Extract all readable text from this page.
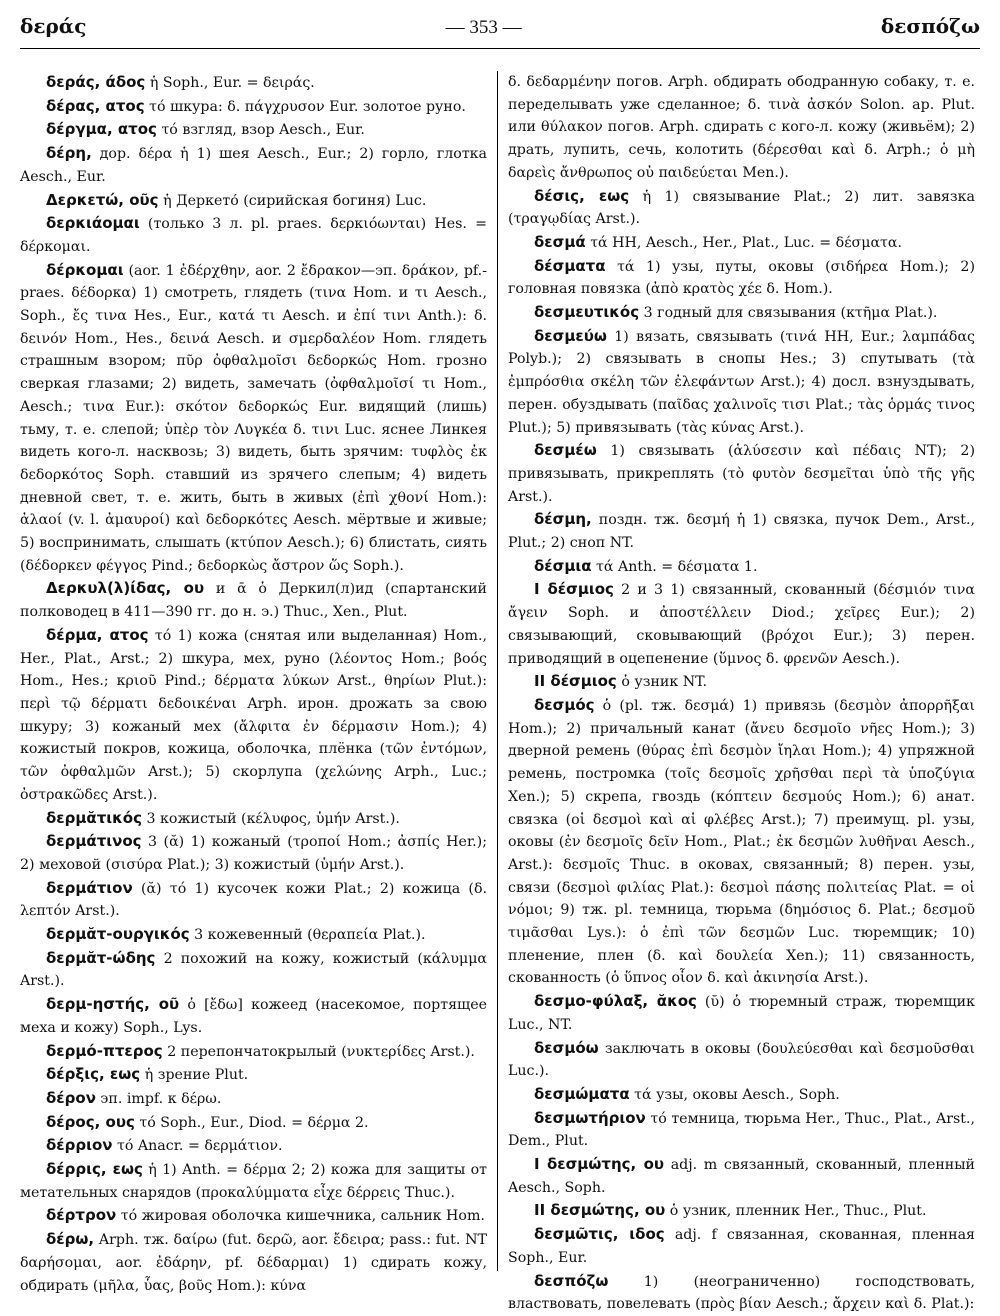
δεράς	— 353 —	δεσπόζω

δεράς, άδος ἡ Soph., Eur. = δειράς.

δέρας, ατος τό шкура: δ. πάγχρυσον Eur. золотое руно.

δέργμα, ατος τό взгляд, взор Aesch., Eur.

δέρη, дор. δέρα ἡ 1) шея Aesch., Eur.; 2) горло, глотка Aesch., Eur.

Δερκετώ, οῦς ἡ Деркето́ (сирийская богиня) Luc.

δερκιάομαι (только 3 л. pl. praes. δερκιόωνται) Hes. = δέρκομαι.

δέρκομαι (aor. 1 ἐδέρχθην, aor. 2 ἔδρακον—эп. δράκον, pf.-praes. δέδορκα) 1) смотреть, глядеть (τινα Hom. и τι Aesch., Soph., ἔς τινα Hes., Eur., κατά τι Aesch. и ἐπί τινι Anth.): δ. δεινόν Hom., Hes., δεινά Aesch. и σμερδαλέον Hom. глядеть страшным взором; πῦρ ὀφθαλμοῖσι δεδορκώς Hom. грозно сверкая глазами; 2) видеть, замечать (ὀφθαλμοῖσί τι Hom., Aesch.; τινα Eur.): σκότον δεδορκώς Eur. видящий (лишь) тьму, т. е. слепой; ὑπὲρ τὸν Λυγκέα δ. τινι Luc. яснее Линкея видеть кого-л. насквозь; 3) видеть, быть зрячим: τυφλὸς ἐκ δεδορκότος Soph. ставший из зрячего слепым; 4) видеть дневной свет, т. е. жить, быть в живых (ἐπὶ χθονί Hom.): ἀλαοί (v. l. ἀμαυροί) καὶ δεδορκότες Aesch. мёртвые и живые; 5) воспринимать, слышать (κτύπον Aesch.); 6) блистать, сиять (δέδορκεν φέγγος Pind.; δεδορκὼς ἄστρον ὥς Soph.).

Δερκυλ(λ)ίδας, ου и ᾱ ὁ Деркил(л)ид (спартанский полководец в 411—390 гг. до н. э.) Thuc., Xen., Plut.

δέρμα, ατος τό 1) кожа (снятая или выделанная) Hom., Her., Plat., Arst.; 2) шкура, мех, руно (λέοντος Hom.; βοός Hom., Hes.; κριοῦ Pind.; δέρματα λύκων Arst., θηρίων Plut.): περὶ τῷ δέρματι δεδοικέναι Arph. ирон. дрожать за свою шкуру; 3) кожаный мех (ἄλφιτα ἐν δέρμασιν Hom.); 4) кожистый покров, кожица, оболочка, плёнка (τῶν ἐντόμων, τῶν ὀφθαλμῶν Arst.); 5) скорлупа (χελώνης Arph., Luc.; ὀστρακῶδες Arst.).

δερμᾰτικός 3 кожистый (κέλυφος, ὑμήν Arst.).

δερμάτινος 3 (ᾰ) 1) кожаный (τροποί Hom.; ἀσπίς Her.); 2) меховой (σισύρα Plat.); 3) кожистый (ὑμήν Arst.).

δερμάτιον (ᾰ) τό 1) кусочек кожи Plat.; 2) кожица (δ. λεπτόν Arst.).

δερμᾰτ-ουργικός 3 кожевенный (θεραπεία Plat.).

δερμᾰτ-ώδης 2 похожий на кожу, кожистый (κάλυμμα Arst.).

δερμ-ηστής, οῦ ὁ [ἔδω] кожеед (насекомое, портящее меха и кожу) Soph., Lys.

δερμό-πτερος 2 перепончатокрылый (νυκτερίδες Arst.).

δέρξις, εως ἡ зрение Plut.

δέρον эп. impf. к δέρω.

δέρος, ους τό Soph., Eur., Diod. = δέρμα 2.

δέρριον τό Anacr. = δερμάτιον.

δέρρις, εως ἡ 1) Anth. = δέρμα 2; 2) кожа для защиты от метательных снарядов (προκαλύμματα εἶχε δέρρεις Thuc.).

δέρτρον τό жировая оболочка кишечника, сальник Hom.

δέρω, Arph. тж. δαίρω (fut. δερῶ, aor. ἔδειρα; pass.: fut. NT δαρήσομαι, aor. ἐδάρην, pf. δέδαρμαι) 1) сдирать кожу, обдирать (μῆλα, ὗας, βοῦς Hom.): κύνα

δ. δεδαρμένην погов. Arph. обдирать ободранную собаку, т. е. переделывать уже сделанное; δ. τινὰ ἀσκόν Solon. ap. Plut. или θύλακον погов. Arph. сдирать с кого-л. кожу (живьём); 2) драть, лупить, сечь, колотить (δέρεσθαι καὶ δ. Arph.; ὁ μὴ δαρεὶς ἄνθρωπος οὐ παιδεύεται Men.).

δέσις, εως ἡ 1) связывание Plat.; 2) лит. завязка (τραγῳδίας Arst.).

δεσμά τά HH, Aesch., Her., Plat., Luc. = δέσματα.

δέσματα τά 1) узы, путы, оковы (σιδήρεα Hom.); 2) головная повязка (ἀπὸ κρατὸς χέε δ. Hom.).

δεσμευτικός 3 годный для связывания (κτῆμα Plat.).

δεσμεύω 1) вязать, связывать (τινά HH, Eur.; λαμπάδας Polyb.); 2) связывать в снопы Hes.; 3) спутывать (τὰ ἐμπρόσθια σκέλη τῶν ἐλεφάντων Arst.); 4) досл. взнуздывать, перен. обуздывать (παῖδας χαλινοῖς τισι Plat.; τὰς ὁρμάς τινος Plut.); 5) привязывать (τὰς κύνας Arst.).

δεσμέω 1) связывать (ἁλύσεσιν καὶ πέδαις NT); 2) привязывать, прикреплять (τὸ φυτὸν δεσμεῖται ὑπὸ τῆς γῆς Arst.).

δέσμη, поздн. тж. δεσμή ἡ 1) связка, пучок Dem., Arst., Plut.; 2) сноп NT.

δέσμια τά Anth. = δέσματα 1.

I δέσμιος 2 и 3 1) связанный, скованный (δέσμιόν τινα ἄγειν Soph. и ἀποστέλλειν Diod.; χεῖρες Eur.); 2) связывающий, сковывающий (βρόχοι Eur.); 3) перен. приводящий в оцепенение (ὕμνος δ. φρενῶν Aesch.).

II δέσμιος ὁ узник NT.

δεσμός ὁ (pl. тж. δεσμά) 1) привязь (δεσμὸν ἀπορρῆξαι Hom.); 2) причальный канат (ἄνευ δεσμοῖο νῆες Hom.); 3) дверной ремень (θύρας ἐπὶ δεσμὸν ἴηλαι Hom.); 4) упряжной ремень, постромка (τοῖς δεσμοῖς χρῆσθαι περὶ τὰ ὑποζύγια Xen.); 5) скрепа, гвоздь (κόπτειν δεσμούς Hom.); 6) анат. связка (οἱ δεσμοὶ καὶ αἱ φλέβες Arst.); 7) преимущ. pl. узы, оковы (ἐν δεσμοῖς δεῖν Hom., Plat.; ἐκ δεσμῶν λυθῆναι Aesch., Arst.): δεσμοῖς Thuc. в оковах, связанный; 8) перен. узы, связи (δεσμοὶ φιλίας Plat.): δεσμοὶ πάσης πολιτείας Plat. = οἱ νόμοι; 9) тж. pl. темница, тюрьма (δημόσιος δ. Plat.; δεσμοῦ τιμᾶσθαι Lys.): ὁ ἐπὶ τῶν δεσμῶν Luc. тюремщик; 10) пленение, плен (δ. καὶ δουλεία Xen.); 11) связанность, скованность (ὁ ὕπνος οἷον δ. καὶ ἀκινησία Arst.).

δεσμο-φύλαξ, ᾰκος (ῠ) ὁ тюремный страж, тюремщик Luc., NT.

δεσμόω заключать в оковы (δουλεύεσθαι καὶ δεσμοῦσθαι Luc.).

δεσμώματα τά узы, оковы Aesch., Soph.

δεσμωτήριον τό темница, тюрьма Her., Thuc., Plat., Arst., Dem., Plut.

I δεσμώτης, ου adj. m связанный, скованный, пленный Aesch., Soph.

II δεσμώτης, ου ὁ узник, пленник Her., Thuc., Plut.

δεσμῶτις, ιδος adj. f связанная, скованная, пленная Soph., Eur.

δεσπόζω 1) (неограниченно) господствовать, властвовать, повелевать (πρὸς βίαν Aesch.; ἄρχειν καὶ δ. Plat.):
